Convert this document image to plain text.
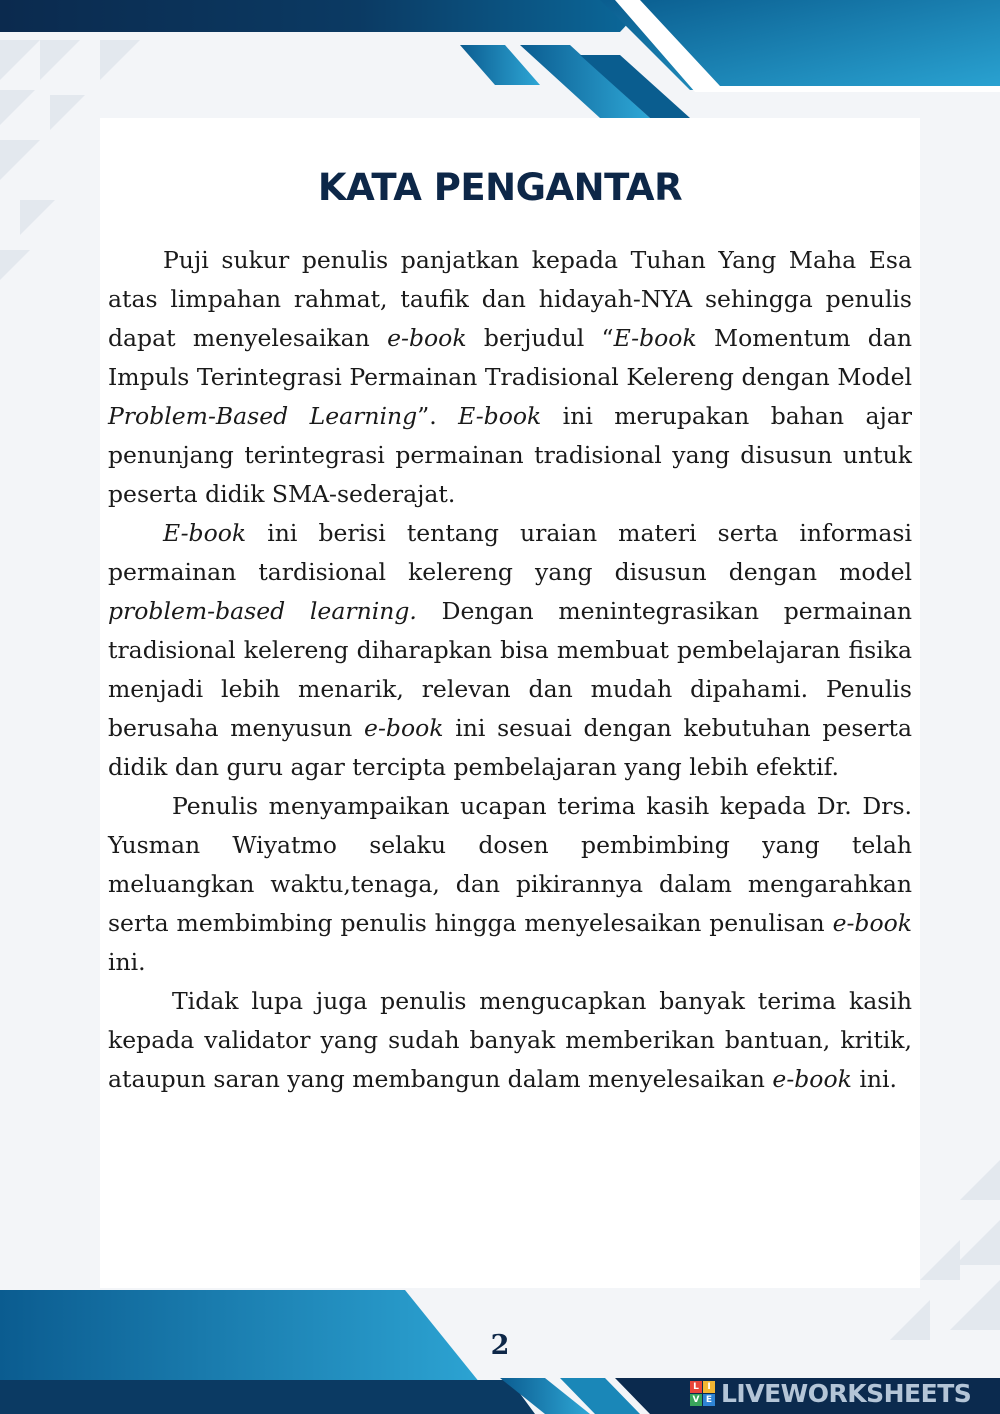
KATA PENGANTAR

Puji sukur penulis panjatkan kepada Tuhan Yang Maha Esa atas limpahan rahmat, taufik dan hidayah-NYA sehingga penulis dapat menyelesaikan e-book berjudul “E-book Momentum dan Impuls Terintegrasi Permainan Tradisional Kelereng dengan Model Problem-Based Learning”. E-book ini merupakan bahan ajar penunjang terintegrasi permainan tradisional yang disusun untuk peserta didik SMA-sederajat.

E-book ini berisi tentang uraian materi serta informasi permainan tardisional kelereng yang disusun dengan model problem-based learning. Dengan menintegrasikan permainan tradisional kelereng diharapkan bisa membuat pembelajaran fisika menjadi lebih menarik, relevan dan mudah dipahami. Penulis berusaha menyusun e-book ini sesuai dengan kebutuhan peserta didik dan guru agar tercipta pembelajaran yang lebih efektif.

Penulis menyampaikan ucapan terima kasih kepada Dr. Drs. Yusman Wiyatmo selaku dosen pembimbing yang telah meluangkan waktu,tenaga, dan pikirannya dalam mengarahkan serta membimbing penulis hingga menyelesaikan penulisan e-book ini.

Tidak lupa juga penulis mengucapkan banyak terima kasih kepada validator yang sudah banyak memberikan bantuan, kritik, ataupun saran yang membangun dalam menyelesaikan e-book ini.

2
L I
V E LIVEWORKSHEETS
